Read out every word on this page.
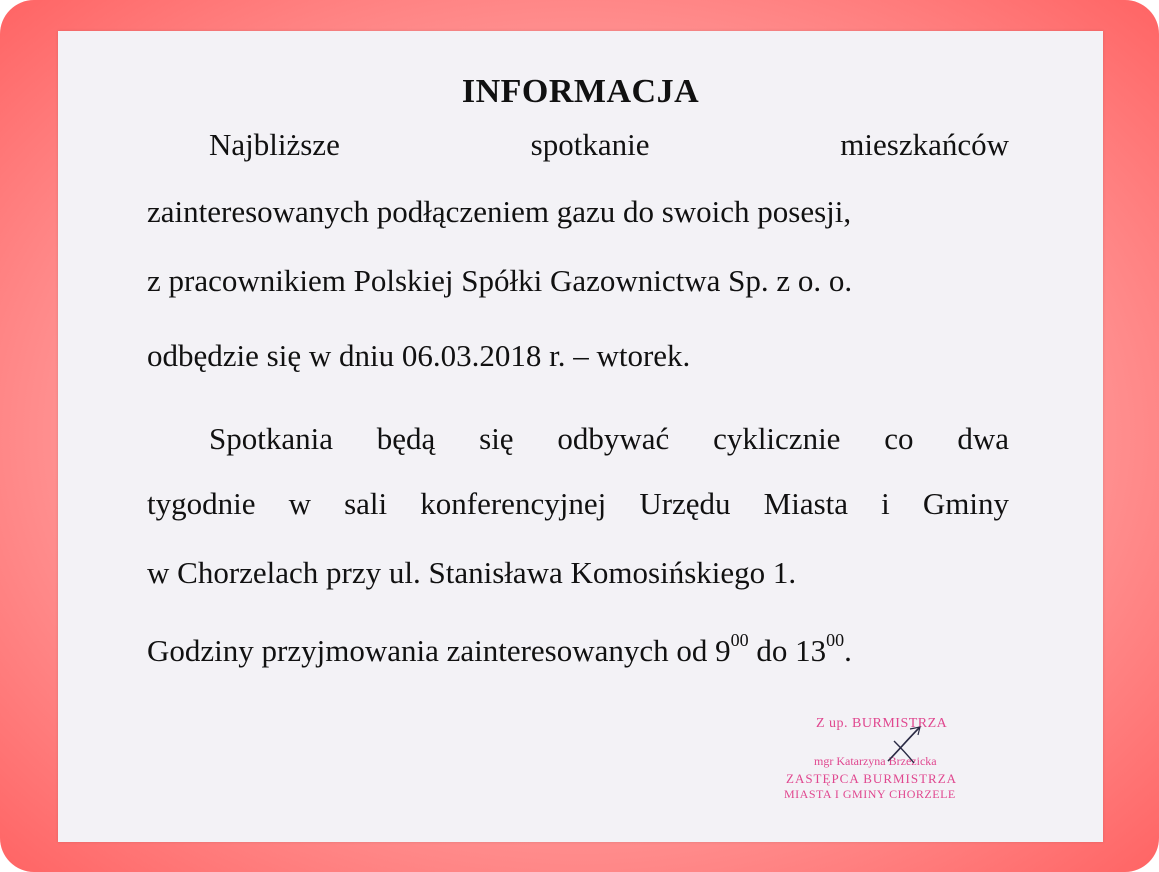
INFORMACJA
Najbliższe	spotkanie	mieszkańców
zainteresowanych podłączeniem gazu do swoich posesji,
z pracownikiem Polskiej Spółki Gazownictwa Sp. z o. o.
odbędzie się w dniu 06.03.2018 r. – wtorek.
Spotkania będą się odbywać cyklicznie co dwa
tygodnie w sali konferencyjnej Urzędu Miasta i Gminy
w Chorzelach przy ul. Stanisława Komosińskiego 1.
Godziny przyjmowania zainteresowanych od $9^{00}$ do $13^{00}$.
Z up. BURMISTRZA
mgr Katarzyna Brzezicka
ZASTĘPCA BURMISTRZA
MIASTA I GMINY CHORZELE
